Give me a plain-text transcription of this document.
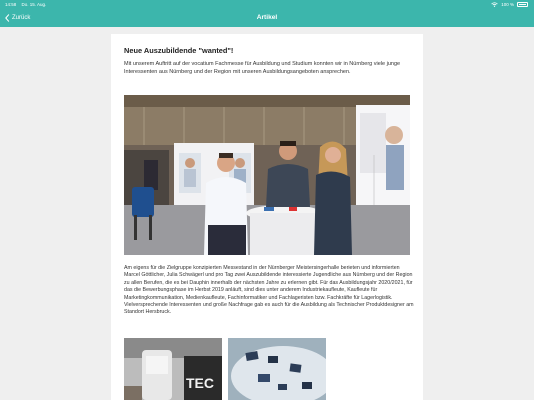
14:58 Do. 15. Aug.	100 %
Zurück	Artikel
Neue Auszubildende "wanted"!
Mit unserem Auftritt auf der vocatium Fachmesse für Ausbildung und Studium konnten wir in Nürnberg viele junge Interessenten aus Nürnberg und der Region mit unseren Ausbildungsangeboten ansprechen.
Am eigens für die Zielgruppe konzipierten Messestand in der Nürnberger Meistersingerhalle berieten und informierten Marcel Göttlicher, Julia Schwägerl und pro Tag zwei Auszubildende interessierte Jugendliche aus Nürnberg und der Region zu allen Berufen, die es bei Dauphin innerhalb der nächsten Jahre zu erlernen gibt. Für das Ausbildungsjahr 2020/2021, für das die Bewerbungsphase im Herbst 2019 anläuft, sind dies unter anderem Industriekaufleute, Kaufleute für Marketingkommunikation, Medienkaufleute, Fachinformatiker und Fachlageristen bzw. Fachkräfte für Lagerlogistik. Vielversprechende Interessenten und große Nachfrage gab es auch für die Ausbildung als Technischer Produktdesigner am Standort Hersbruck.
TEC
